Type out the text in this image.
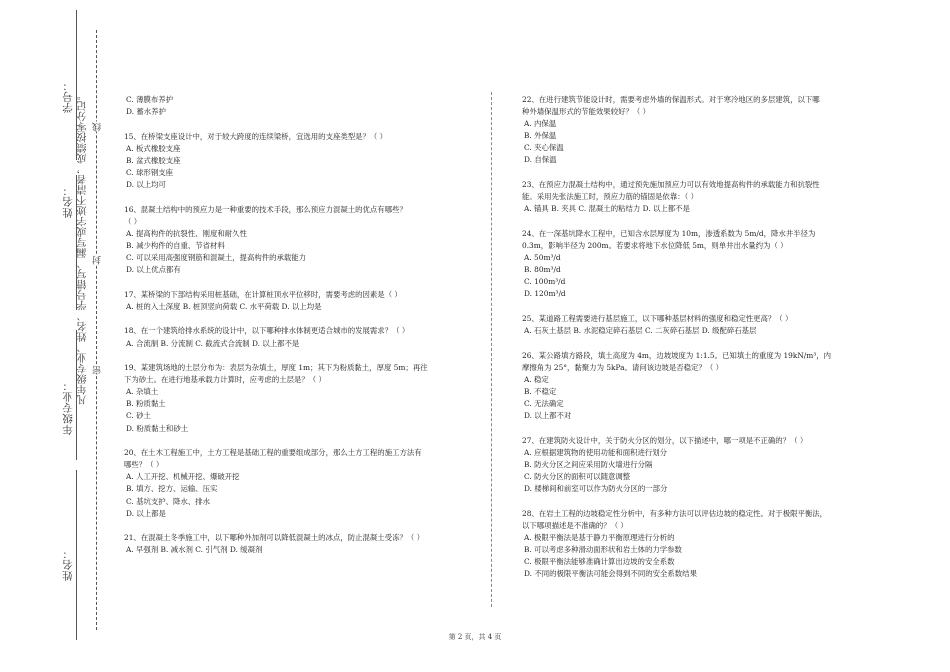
学号：
姓名：
年级专业：
姓名：
凡年级专业、姓名、学号错写、漏写或字迹不清者，成绩按零分记。 线
封
密

C. 薄膜布养护

D. 蓄水养护

15、在桥梁支座设计中，对于较大跨度的连续梁桥，宜选用的支座类型是？（ ）

A. 板式橡胶支座

B. 盆式橡胶支座

C. 球形钢支座

D. 以上均可

16、混凝土结构中的预应力是一种重要的技术手段，那么预应力混凝土的优点有哪些？

（ ）

A. 提高构件的抗裂性、刚度和耐久性

B. 减少构件的自重、节省材料

C. 可以采用高强度钢筋和混凝土，提高构件的承载能力

D. 以上优点都有

17、某桥梁的下部结构采用桩基础，在计算桩顶水平位移时，需要考虑的因素是（ ）

A. 桩的入土深度 B. 桩顶竖向荷载 C. 水平荷载 D. 以上均是

18、在一个建筑给排水系统的设计中，以下哪种排水体制更适合城市的发展需求？（ ）

A. 合流制 B. 分流制 C. 截流式合流制 D. 以上都不是

19、某建筑场地的土层分布为：表层为杂填土，厚度 1m；其下为粉质黏土，厚度 5m；再往

下为砂土。在进行地基承载力计算时，应考虑的土层是？（ ）

A. 杂填土

B. 粉质黏土

C. 砂土

D. 粉质黏土和砂土

20、在土木工程施工中，土方工程是基础工程的重要组成部分，那么土方工程的施工方法有

哪些？（ ）

A. 人工开挖、机械开挖、爆破开挖

B. 填方、挖方、运输、压实

C. 基坑支护、降水、排水

D. 以上都是

21、在混凝土冬季施工中，以下哪种外加剂可以降低混凝土的冰点，防止混凝土受冻？（ ）

A. 早强剂 B. 减水剂 C. 引气剂 D. 缓凝剂

22、在进行建筑节能设计时，需要考虑外墙的保温形式。对于寒冷地区的多层建筑，以下哪

种外墙保温形式的节能效果较好？（ ）

A. 内保温

B. 外保温

C. 夹心保温

D. 自保温

23、在预应力混凝土结构中，通过预先施加预应力可以有效地提高构件的承载能力和抗裂性

能。采用先张法施工时，预应力筋的锚固是依靠：（ ）

A. 锚具 B. 夹具 C. 混凝土的粘结力 D. 以上都不是

24、在一深基坑降水工程中，已知含水层厚度为 10m，渗透系数为 5m/d，降水井半径为

0.3m，影响半径为 200m。若要求将地下水位降低 5m，则单井出水量约为（ ）

A. 50m³/d

B. 80m³/d

C. 100m³/d

D. 120m³/d

25、某道路工程需要进行基层施工，以下哪种基层材料的强度和稳定性更高？（ ）

A. 石灰土基层 B. 水泥稳定碎石基层 C. 二灰碎石基层 D. 级配碎石基层

26、某公路填方路段，填土高度为 4m，边坡坡度为 1:1.5。已知填土的重度为 19kN/m³，内

摩擦角为 25°，黏聚力为 5kPa。请问该边坡是否稳定？（ ）

A. 稳定

B. 不稳定

C. 无法确定

D. 以上都不对

27、在建筑防火设计中，关于防火分区的划分，以下描述中，哪一项是不正确的？（ ）

A. 应根据建筑物的使用功能和面积进行划分

B. 防火分区之间应采用防火墙进行分隔

C. 防火分区的面积可以随意调整

D. 楼梯间和前室可以作为防火分区的一部分

28、在岩土工程的边坡稳定性分析中，有多种方法可以评估边坡的稳定性。对于极限平衡法，

以下哪项描述是不准确的？（ ）

A. 极限平衡法是基于静力平衡原理进行分析的

B. 可以考虑多种滑动面形状和岩土体的力学参数

C. 极限平衡法能够准确计算出边坡的安全系数

D. 不同的极限平衡法可能会得到不同的安全系数结果

第 2 页，共 4 页
